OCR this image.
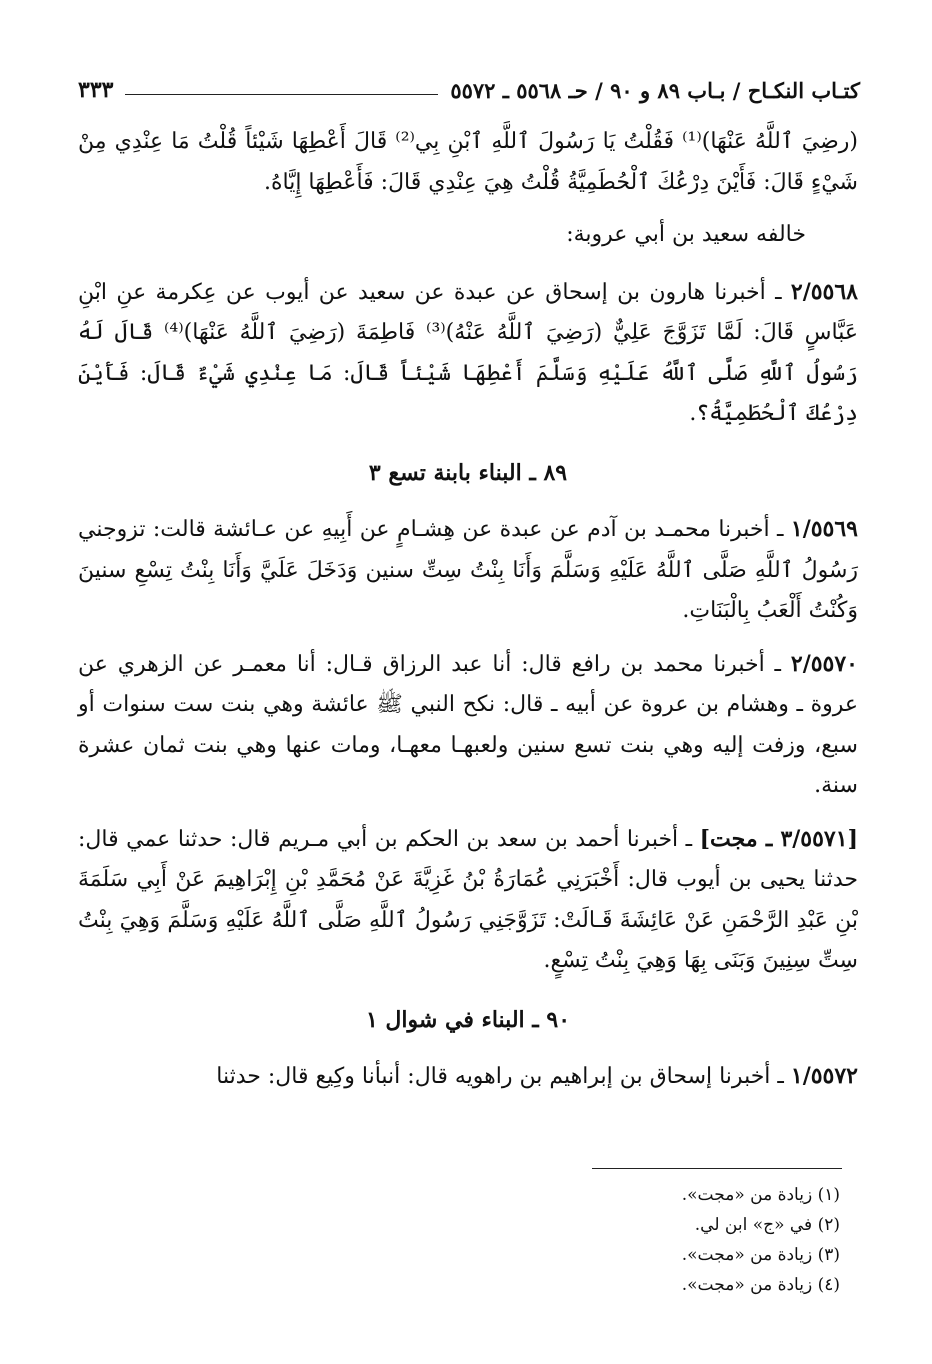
كتـاب النكـاح / بـاب ٨٩ و ٩٠ / حـ ٥٥٦٨ ـ ٥٥٧٢
٣٣٣

(رضِيَ ٱللَّهُ عَنْهَا)⁽¹⁾ فَقُلْتُ يَا رَسُولَ ٱللَّهِ ٱبْنِ بِي⁽²⁾ قَالَ أَعْطِهَا شَيْئاً قُلْتُ مَا عِنْدِي مِنْ شَيْءٍ قَالَ: فَأَيْنَ دِرْعُكَ ٱلْحُطَمِيَّةُ قُلْتُ هِيَ عِنْدِي قَالَ: فَأَعْطِهَا إِيَّاهُ.

خالفه سعيد بن أبي عروبة:

٢/٥٥٦٨ ـ أخبرنا هارون بن إسحاق عن عبدة عن سعيد عن أيوب عن عِكرمة عنِ ابْنِ عَبَّاسٍ قَالَ: لَمَّا تَزَوَّجَ عَلِيٌّ (رَضِيَ ٱللَّهُ عَنْهُ)⁽³⁾ فَاطِمَةَ (رَضِيَ ٱللَّهُ عَنْهَا)⁽⁴⁾ قَالَ لَهُ رَسُولُ ٱللَّهِ صَلَّى ٱللَّهُ عَلَيْهِ وَسَلَّمَ أَعْطِهَا شَيْئاً قَالَ: مَا عِنْدِي شَيْءٌ قَالَ: فَأَيْنَ دِرْعُكَ ٱلْحُطَمِيَّةُ؟.

٨٩ ـ البناء بابنة تسع ٣

١/٥٥٦٩ ـ أخبرنا محمـد بن آدم عن عبدة عن هِشـامٍ عن أَبِيهِ عن عـائشة قالت: تزوجني رَسُولُ ٱللَّهِ صَلَّى ٱللَّهُ عَلَيْهِ وَسَلَّمَ وَأَنَا بِنْتُ سِتِّ سنين وَدَخَلَ عَلَيَّ وَأَنَا بِنْتُ تِسْعِ سنينَ وَكُنْتُ أَلْعَبُ بِالْبَنَاتِ.

٢/٥٥٧٠ ـ أخبرنا محمد بن رافع قال: أنا عبد الرزاق قـال: أنا معمـر عن الزهري عن عروة ـ وهشام بن عروة عن أبيه ـ قال: نكح النبي ﷺ عائشة وهي بنت ست سنوات أو سبع، وزفت إليه وهي بنت تسع سنين ولعبهـا معهـا، ومات عنها وهي بنت ثمان عشرة سنة.

[٣/٥٥٧١ ـ مجت] ـ أخبرنا أحمد بن سعد بن الحكم بن أبي مـريم قال: حدثنا عمي قال: حدثنا يحيى بن أيوب قال: أَخْبَرَنِي عُمَارَةُ بْنُ غَزِيَّةَ عَنْ مُحَمَّدِ بْنِ إِبْرَاهِيمَ عَنْ أَبِي سَلَمَةَ بْنِ عَبْدِ الرَّحْمَنِ عَنْ عَائِشَةَ قَـالَتْ: تَزَوَّجَنِي رَسُولُ ٱللَّهِ صَلَّى ٱللَّهُ عَلَيْهِ وَسَلَّمَ وَهِيَ بِنْتُ سِتِّ سِنِينَ وَبَنَى بِهَا وَهِيَ بِنْتُ تِسْعٍ.

٩٠ ـ البناء في شوال ١

١/٥٥٧٢ ـ أخبرنا إسحاق بن إبراهيم بن راهويه قال: أنبأنا وكِيع قال: حدثنا

(١) زيادة من «مجت».
(٢) في «ج» ابن لي.
(٣) زيادة من «مجت».
(٤) زيادة من «مجت».
